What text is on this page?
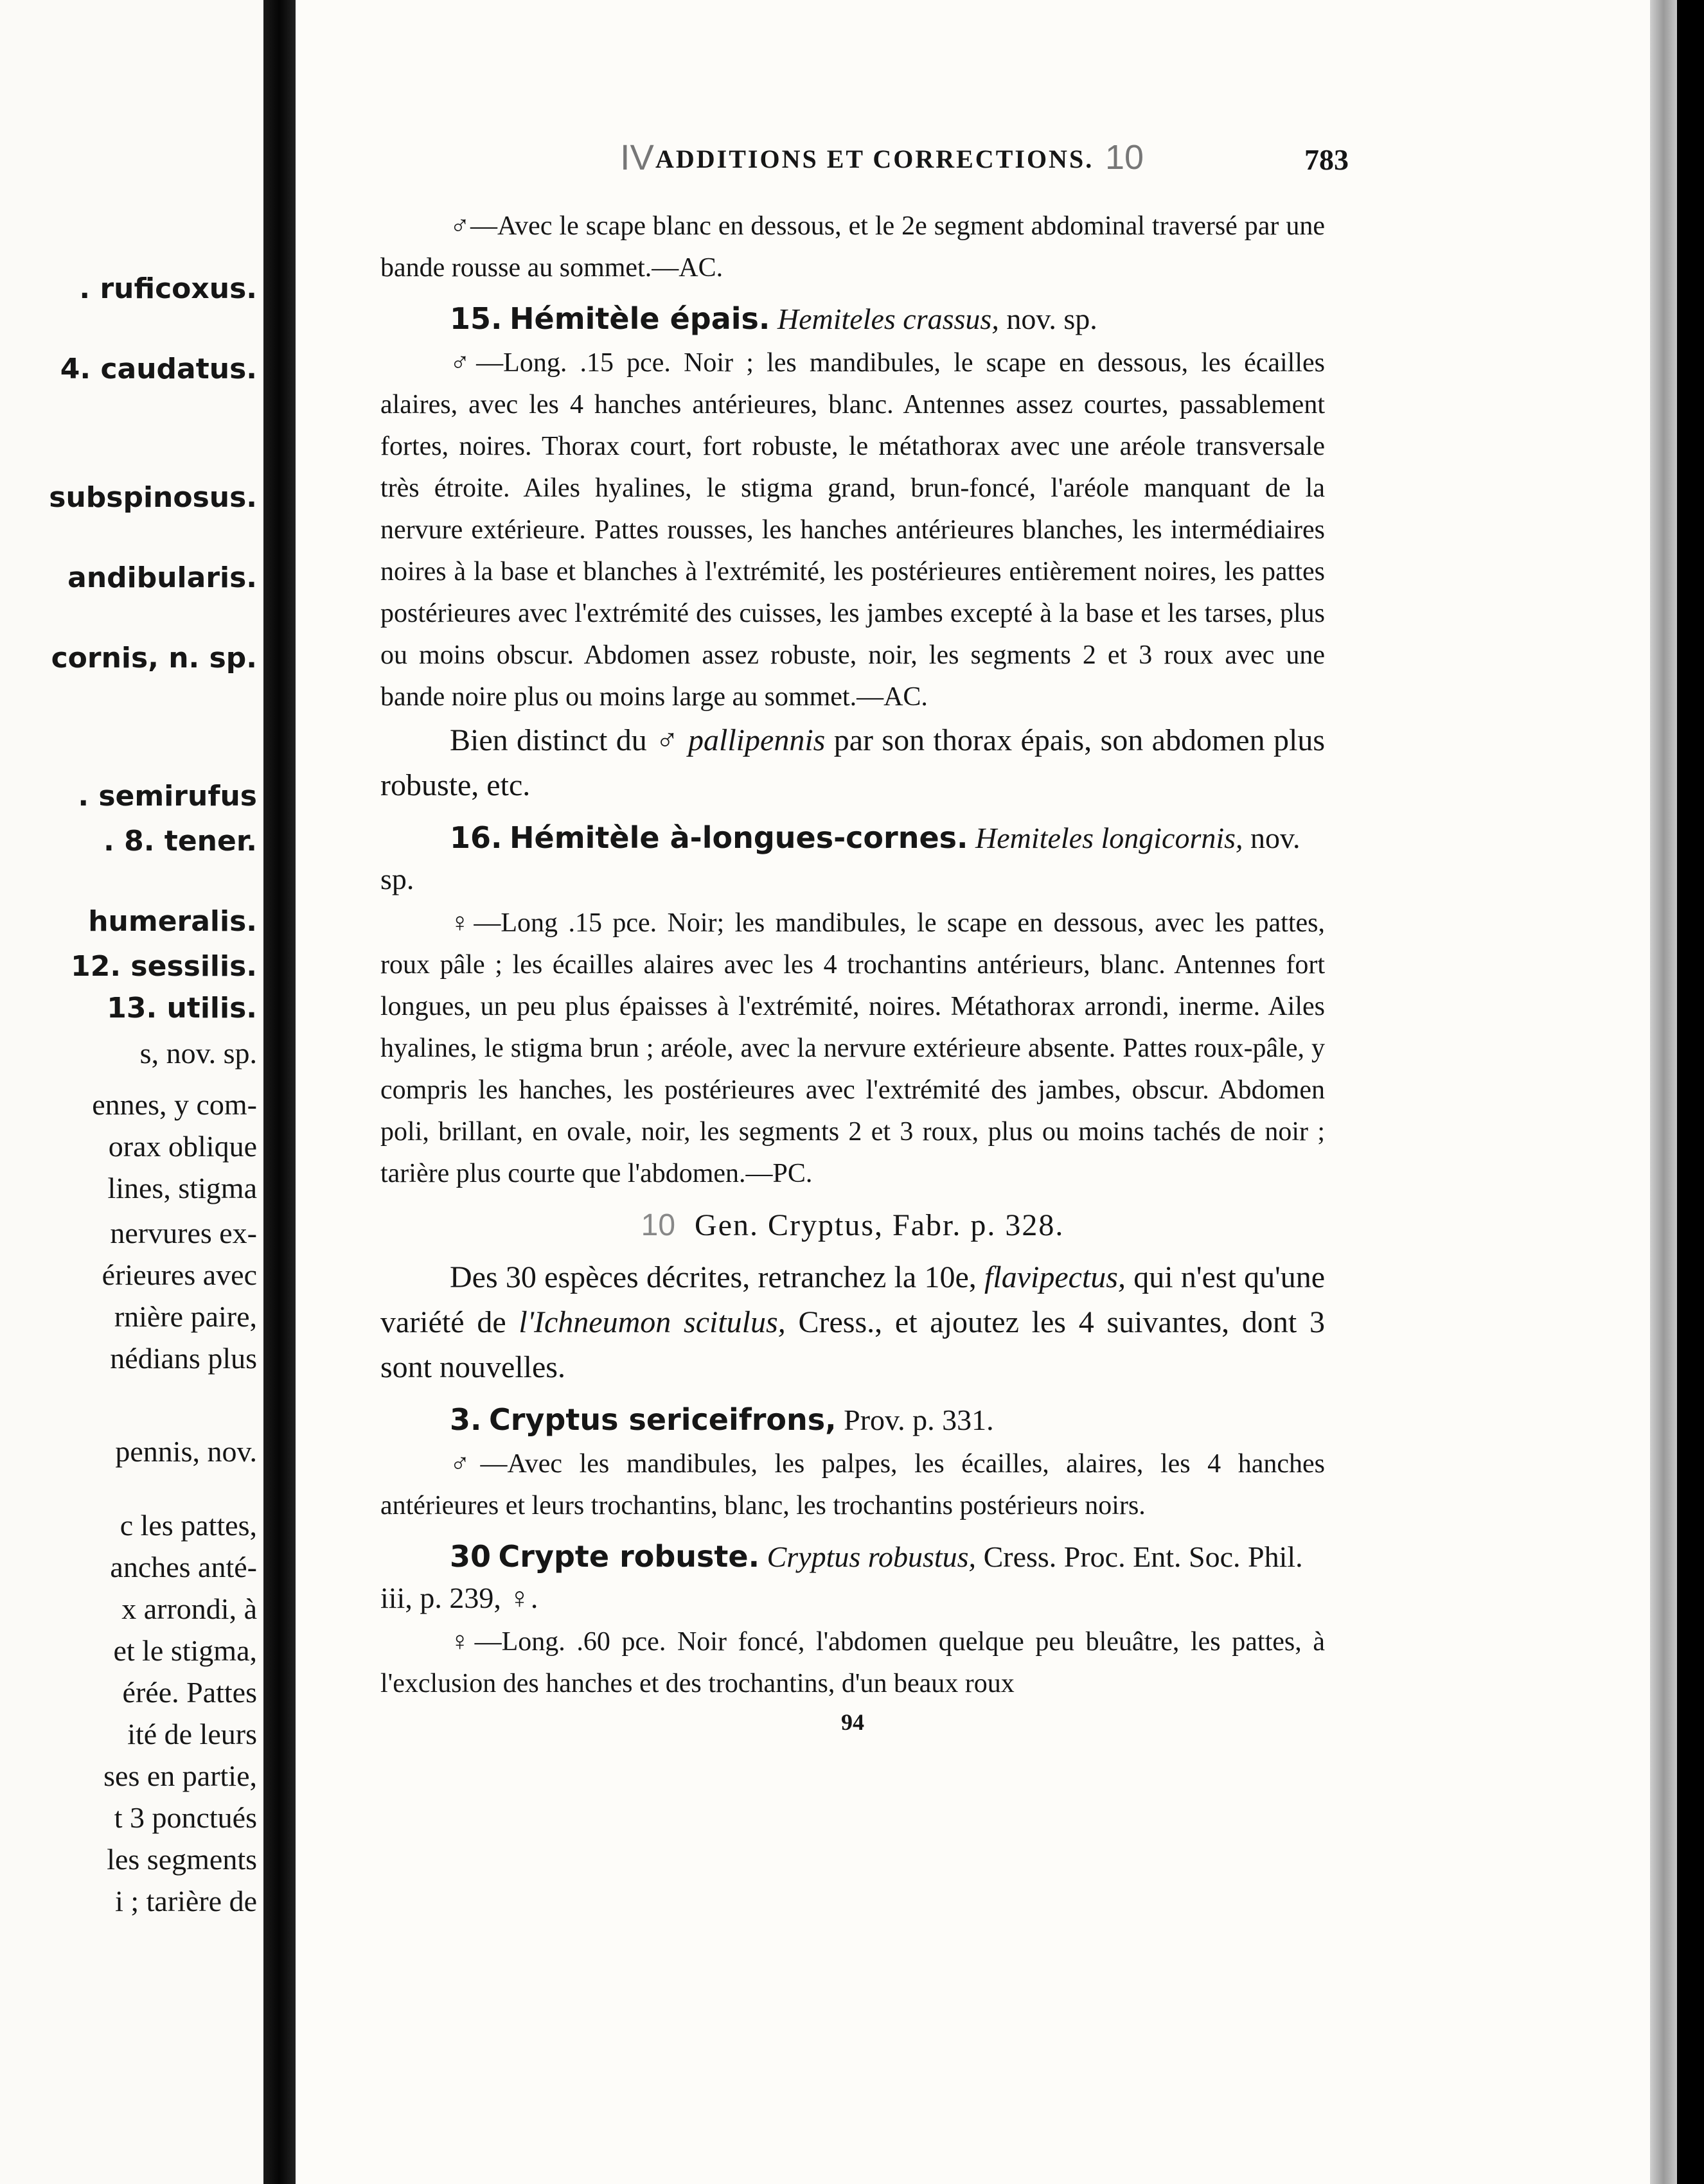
. ruficoxus.
4. caudatus.
subspinosus.
andibularis.
cornis, n. sp.
. semirufus
. 8. tener.
humeralis.
12. sessilis.
13. utilis.
s, nov. sp.
ennes, y com-
orax oblique
lines, stigma
nervures ex-
érieures avec
rnière paire,
nédians plus
pennis, nov.
c les pattes,
anches anté-
x arrondi, à
et le stigma,
érée. Pattes
ité de leurs
ses en partie,
t 3 ponctués
les segments
i ; tarière de
IV ADDITIONS ET CORRECTIONS. 10	783

♂—Avec le scape blanc en dessous, et le 2e segment abdominal traversé par une bande rousse au sommet.—AC.

15. Hémitèle épais. Hemiteles crassus, nov. sp.

♂—Long. .15 pce. Noir ; les mandibules, le scape en dessous, les écailles alaires, avec les 4 hanches antérieures, blanc. Antennes assez courtes, passablement fortes, noires. Thorax court, fort robuste, le métathorax avec une aréole transversale très étroite. Ailes hyalines, le stigma grand, brun-foncé, l'aréole manquant de la nervure extérieure. Pattes rousses, les hanches antérieures blanches, les intermédiaires noires à la base et blanches à l'extrémité, les postérieures entièrement noires, les pattes postérieures avec l'extrémité des cuisses, les jambes excepté à la base et les tarses, plus ou moins obscur. Abdomen assez robuste, noir, les segments 2 et 3 roux avec une bande noire plus ou moins large au sommet.—AC.

Bien distinct du ♂ pallipennis par son thorax épais, son abdomen plus robuste, etc.

16. Hémitèle à-longues-cornes. Hemiteles longicornis, nov. sp.

♀—Long .15 pce. Noir; les mandibules, le scape en dessous, avec les pattes, roux pâle ; les écailles alaires avec les 4 trochantins antérieurs, blanc. Antennes fort longues, un peu plus épaisses à l'extrémité, noires. Métathorax arrondi, inerme. Ailes hyalines, le stigma brun ; aréole, avec la nervure extérieure absente. Pattes roux-pâle, y compris les hanches, les postérieures avec l'extrémité des jambes, obscur. Abdomen poli, brillant, en ovale, noir, les segments 2 et 3 roux, plus ou moins tachés de noir ; tarière plus courte que l'abdomen.—PC.

10 Gen. Cryptus, Fabr. p. 328.

Des 30 espèces décrites, retranchez la 10e, flavipectus, qui n'est qu'une variété de l'Ichneumon scitulus, Cress., et ajoutez les 4 suivantes, dont 3 sont nouvelles.

3. Cryptus sericeifrons, Prov. p. 331.

♂—Avec les mandibules, les palpes, les écailles, alaires, les 4 hanches antérieures et leurs trochantins, blanc, les trochantins postérieurs noirs.

30 Crypte robuste. Cryptus robustus, Cress. Proc. Ent. Soc. Phil. iii, p. 239, ♀.

♀—Long. .60 pce. Noir foncé, l'abdomen quelque peu bleuâtre, les pattes, à l'exclusion des hanches et des trochantins, d'un beaux roux

94
